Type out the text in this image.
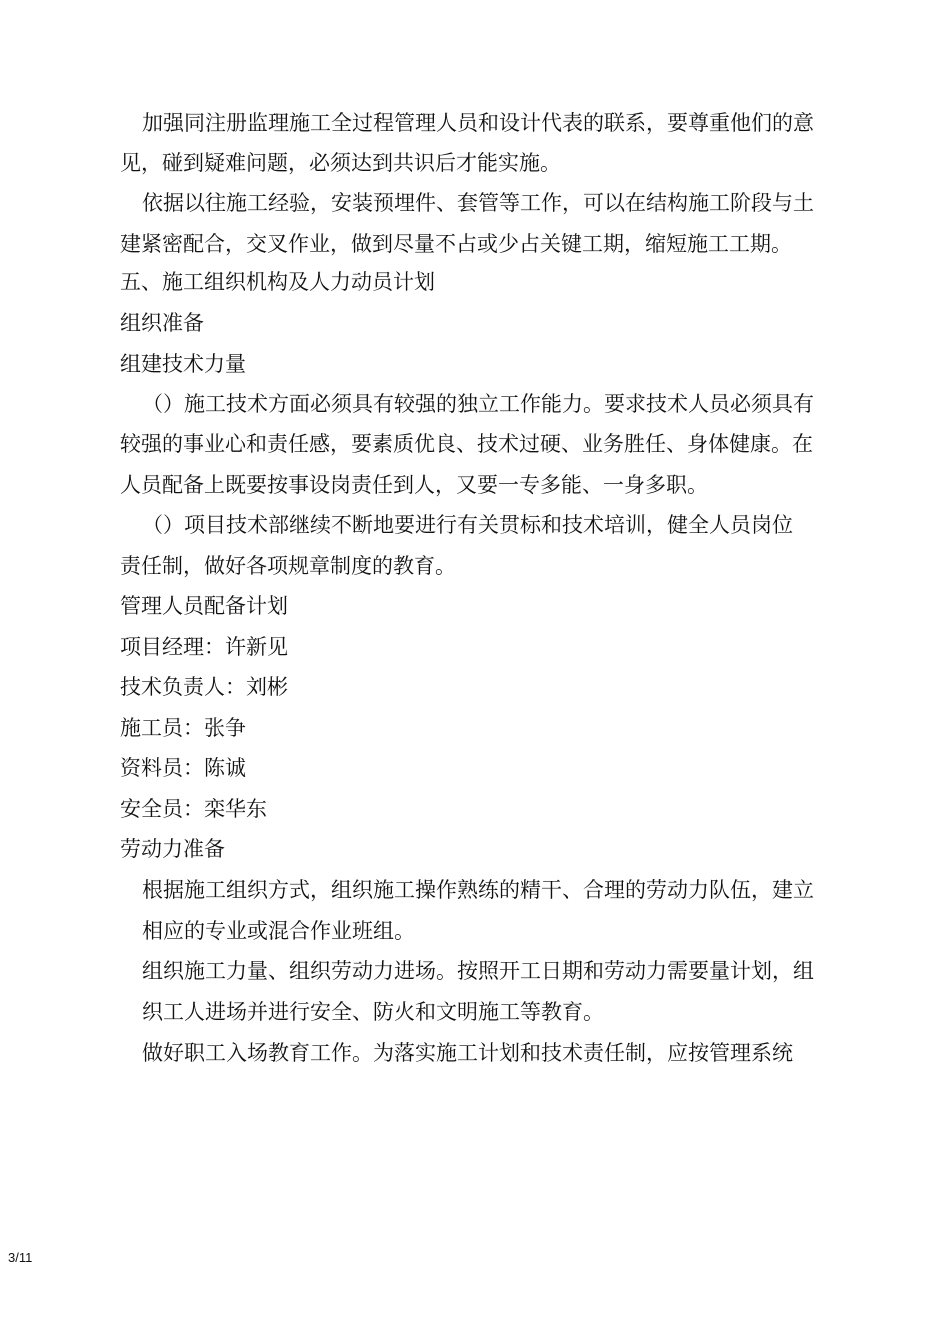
加强同注册监理施工全过程管理人员和设计代表的联系，要尊重他们的意
见，碰到疑难问题，必须达到共识后才能实施。
依据以往施工经验，安装预埋件、套管等工作，可以在结构施工阶段与土
建紧密配合，交叉作业，做到尽量不占或少占关键工期，缩短施工工期。
五、施工组织机构及人力动员计划
组织准备
组建技术力量
（）施工技术方面必须具有较强的独立工作能力。要求技术人员必须具有
较强的事业心和责任感，要素质优良、技术过硬、业务胜任、身体健康。在
人员配备上既要按事设岗责任到人，又要一专多能、一身多职。
（）项目技术部继续不断地要进行有关贯标和技术培训，健全人员岗位
责任制，做好各项规章制度的教育。
管理人员配备计划
项目经理：许新见
技术负责人：刘彬
施工员：张争
资料员：陈诚
安全员：栾华东
劳动力准备
根据施工组织方式，组织施工操作熟练的精干、合理的劳动力队伍，建立
相应的专业或混合作业班组。
组织施工力量、组织劳动力进场。按照开工日期和劳动力需要量计划，组
织工人进场并进行安全、防火和文明施工等教育。
做好职工入场教育工作。为落实施工计划和技术责任制，应按管理系统
3/11
